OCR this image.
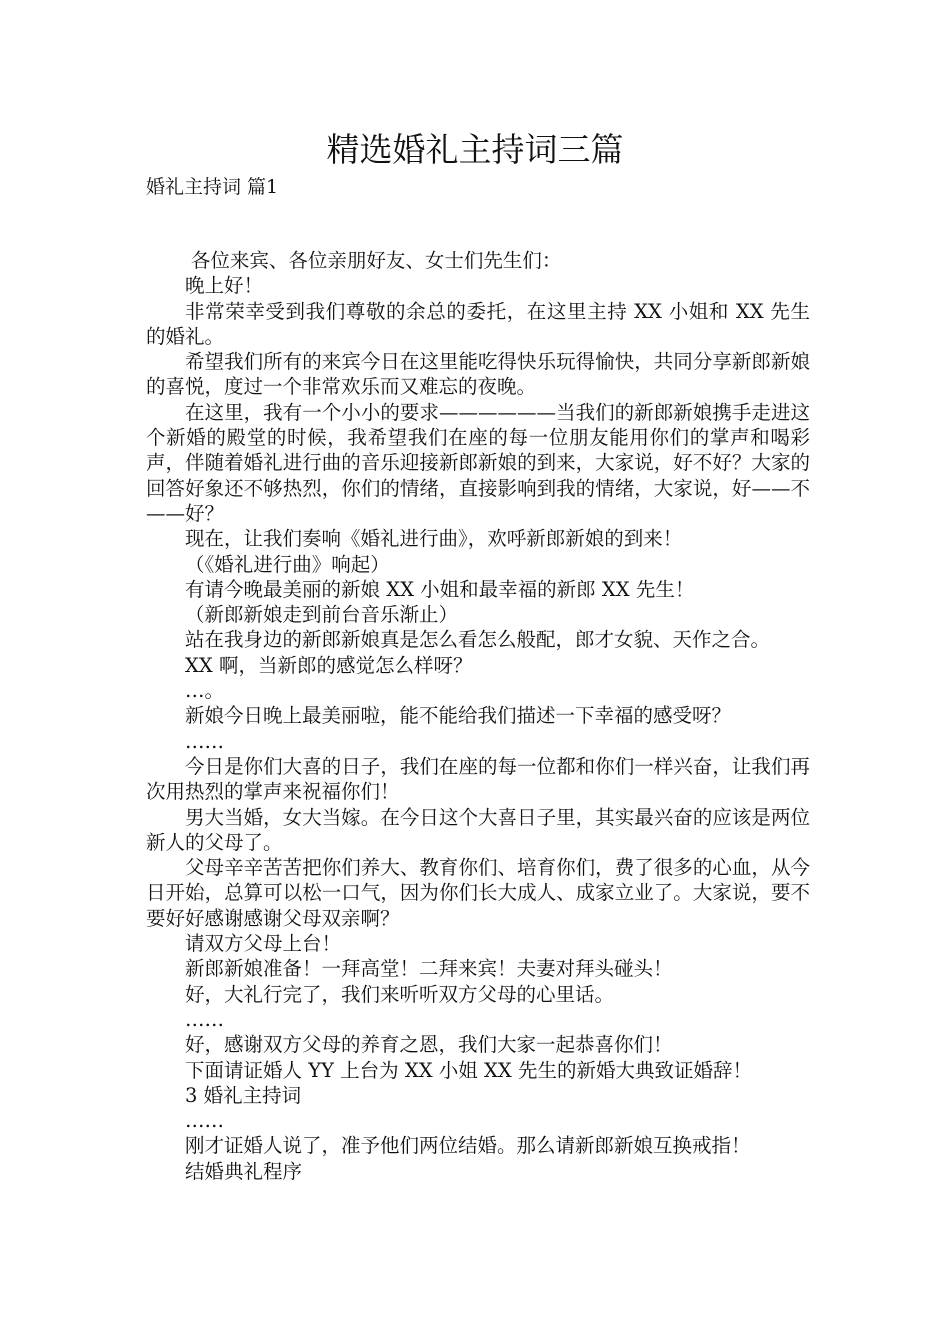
精选婚礼主持词三篇
婚礼主持词 篇1

各位来宾、各位亲朋好友、女士们先生们：

晚上好！

非常荣幸受到我们尊敬的余总的委托，在这里主持 XX 小姐和 XX 先生的婚礼。

希望我们所有的来宾今日在这里能吃得快乐玩得愉快，共同分享新郎新娘的喜悦，度过一个非常欢乐而又难忘的夜晚。

在这里，我有一个小小的要求——————当我们的新郎新娘携手走进这个新婚的殿堂的时候，我希望我们在座的每一位朋友能用你们的掌声和喝彩声，伴随着婚礼进行曲的音乐迎接新郎新娘的到来，大家说，好不好？大家的回答好象还不够热烈，你们的情绪，直接影响到我的情绪，大家说，好——不——好？

现在，让我们奏响《婚礼进行曲》，欢呼新郎新娘的到来！

（《婚礼进行曲》响起）

有请今晚最美丽的新娘 XX 小姐和最幸福的新郎 XX 先生！

（新郎新娘走到前台音乐渐止）

站在我身边的新郎新娘真是怎么看怎么般配，郎才女貌、天作之合。

XX 啊，当新郎的感觉怎么样呀？

…。

新娘今日晚上最美丽啦，能不能给我们描述一下幸福的感受呀？

……

今日是你们大喜的日子，我们在座的每一位都和你们一样兴奋，让我们再次用热烈的掌声来祝福你们！

男大当婚，女大当嫁。在今日这个大喜日子里，其实最兴奋的应该是两位新人的父母了。

父母辛辛苦苦把你们养大、教育你们、培育你们，费了很多的心血，从今日开始，总算可以松一口气，因为你们长大成人、成家立业了。大家说，要不要好好感谢感谢父母双亲啊？

请双方父母上台！

新郎新娘准备！一拜高堂！二拜来宾！夫妻对拜头碰头！

好，大礼行完了，我们来听听双方父母的心里话。

……

好，感谢双方父母的养育之恩，我们大家一起恭喜你们！

下面请证婚人 YY 上台为 XX 小姐 XX 先生的新婚大典致证婚辞！

3 婚礼主持词

……

刚才证婚人说了，准予他们两位结婚。那么请新郎新娘互换戒指！

结婚典礼程序
